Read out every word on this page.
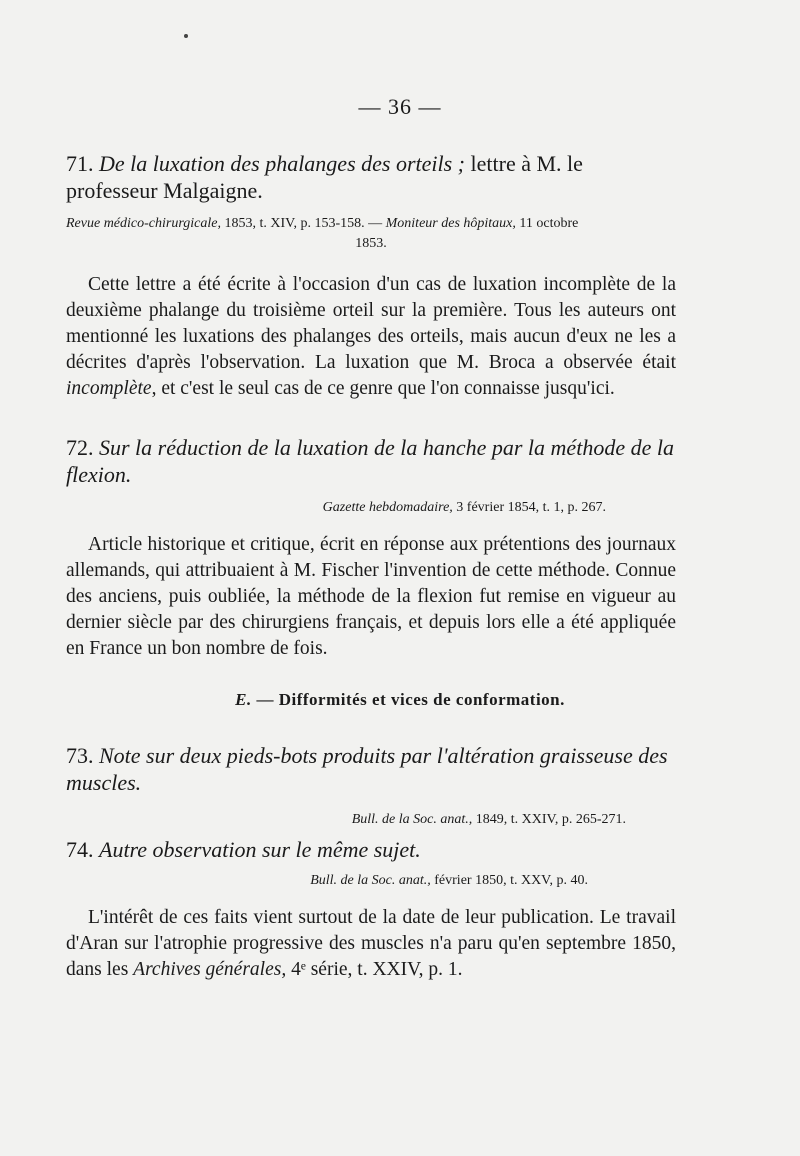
— 36 —

71. De la luxation des phalanges des orteils ; lettre à M. le professeur Malgaigne.

Revue médico-chirurgicale, 1853, t. XIV, p. 153-158. — Moniteur des hôpitaux, 11 octobre

1853.

Cette lettre a été écrite à l'occasion d'un cas de luxation incomplète de la deuxième phalange du troisième orteil sur la première. Tous les auteurs ont mentionné les luxations des phalanges des orteils, mais aucun d'eux ne les a décrites d'après l'observation. La luxation que M. Broca a observée était incomplète, et c'est le seul cas de ce genre que l'on connaisse jusqu'ici.

72. Sur la réduction de la luxation de la hanche par la méthode de la flexion.

Gazette hebdomadaire, 3 février 1854, t. 1, p. 267.

Article historique et critique, écrit en réponse aux prétentions des journaux allemands, qui attribuaient à M. Fischer l'invention de cette méthode. Connue des anciens, puis oubliée, la méthode de la flexion fut remise en vigueur au dernier siècle par des chirurgiens français, et depuis lors elle a été appliquée en France un bon nombre de fois.

E. — Difformités et vices de conformation.

73. Note sur deux pieds-bots produits par l'altération graisseuse des muscles.

Bull. de la Soc. anat., 1849, t. XXIV, p. 265-271.

74. Autre observation sur le même sujet.

Bull. de la Soc. anat., février 1850, t. XXV, p. 40.

L'intérêt de ces faits vient surtout de la date de leur publication. Le travail d'Aran sur l'atrophie progressive des muscles n'a paru qu'en septembre 1850, dans les Archives générales, 4ᵉ série, t. XXIV, p. 1.
